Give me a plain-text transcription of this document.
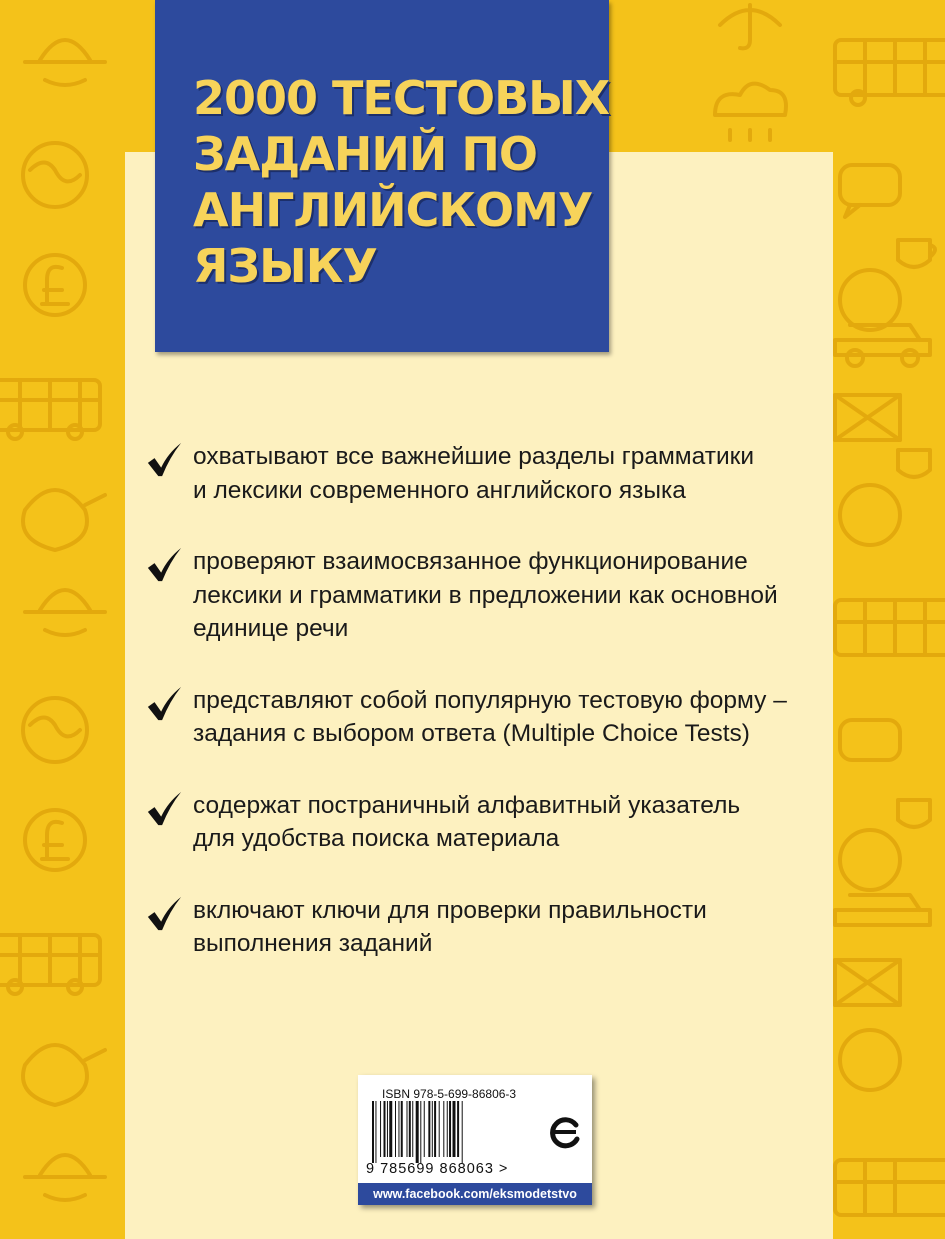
2000 ТЕСТОВЫХ
ЗАДАНИЙ ПО
АНГЛИЙСКОМУ
ЯЗЫКУ
охватывают все важнейшие разделы грамматики
и лексики современного английского языка
проверяют взаимосвязанное функционирование
лексики и грамматики в предложении как основной
единице речи
представляют собой популярную тестовую форму –
задания с выбором ответа (Multiple Choice Tests)
содержат постраничный алфавитный указатель
для удобства поиска материала
включают ключи для проверки правильности
выполнения заданий
ISBN 978-5-699-86806-3
9 785699 868063 >
www.facebook.com/eksmodetstvo
